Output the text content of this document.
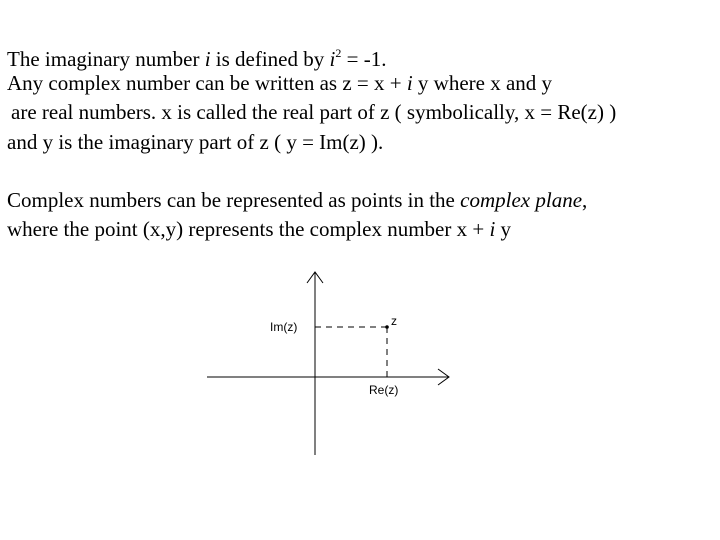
The imaginary number i is defined by $i^2 = -1$.

Any complex number can be written as z = x + i y where x and y

are real numbers. x is called the real part of z ( symbolically, x = Re(z) )

and y is the imaginary part of z ( y = Im(z) ).

Complex numbers can be represented as points in the complex plane,

where the point (x,y) represents the complex number x + i y

Im(z)
Re(z)
z
